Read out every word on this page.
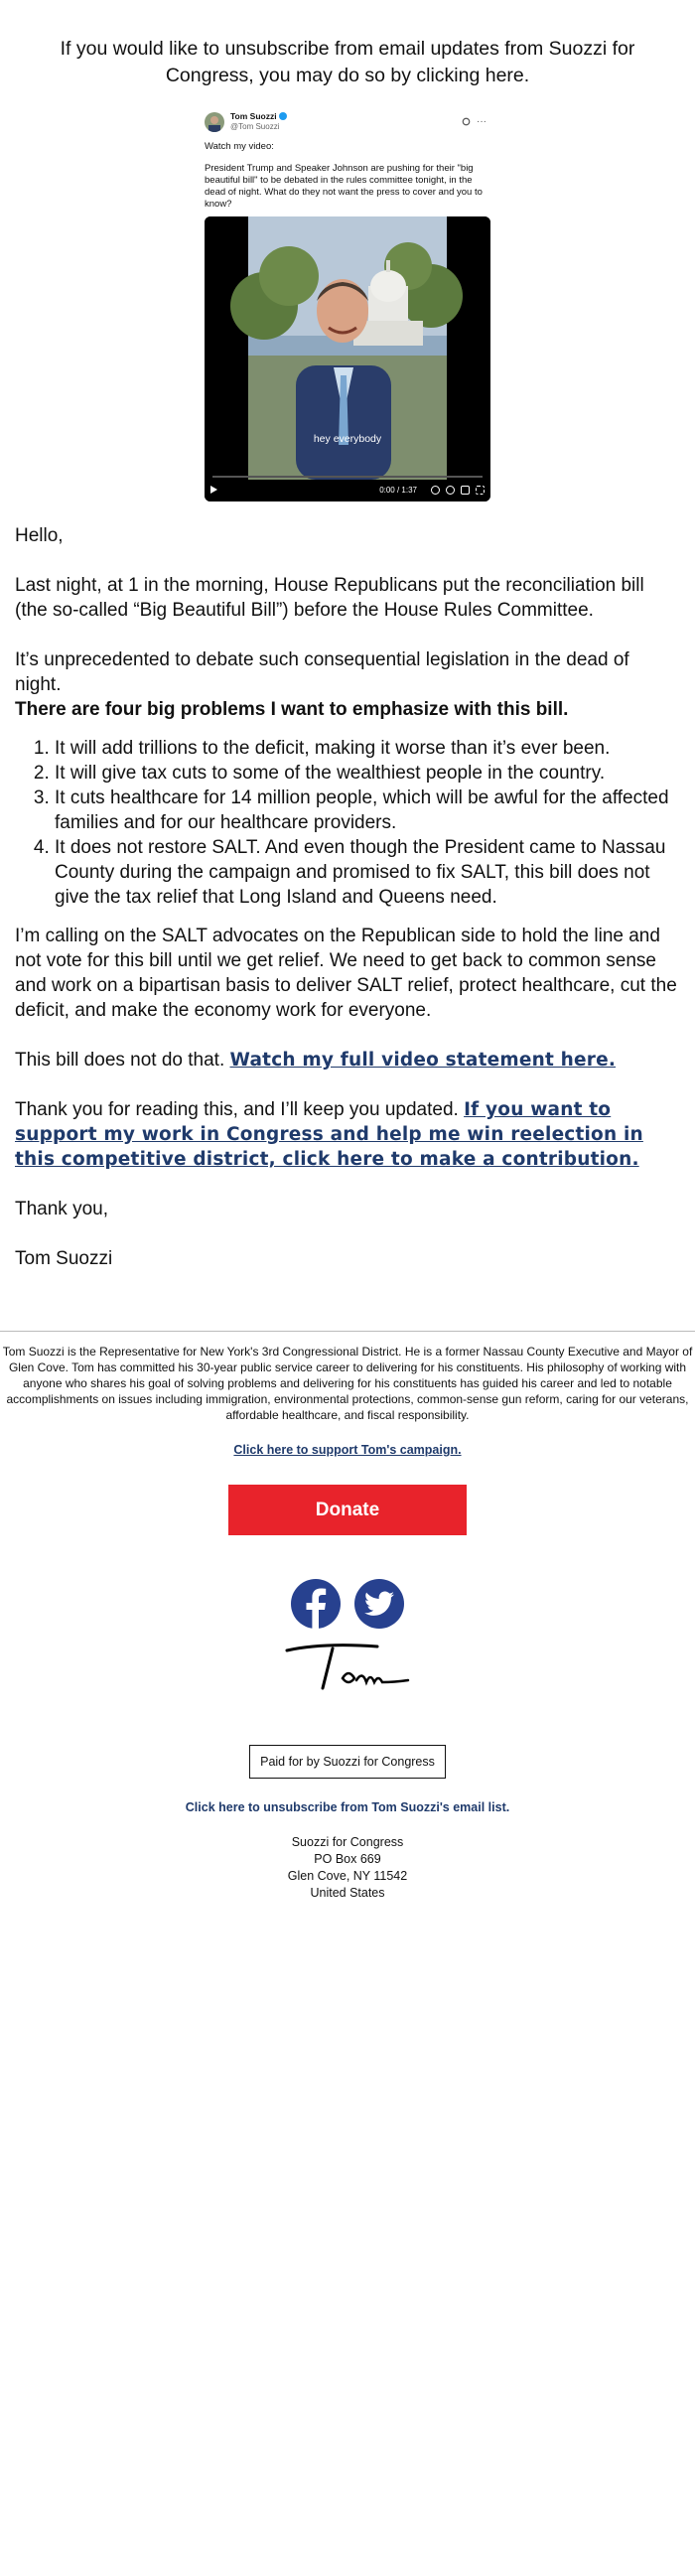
If you would like to unsubscribe from email updates from Suozzi for Congress, you may do so by clicking here.
Tom Suozzi
@Tom Suozzi	···
Watch my video:
President Trump and Speaker Johnson are pushing for their "big beautiful bill" to be debated in the rules committee tonight, in the dead of night. What do they not want the press to cover and you to know?
hey everybody
0:00 / 1:37

Hello,

Last night, at 1 in the morning, House Republicans put the reconciliation bill (the so-called “Big Beautiful Bill”) before the House Rules Committee.

It’s unprecedented to debate such consequential legislation in the dead of night.
There are four big problems I want to emphasize with this bill.

1. It will add trillions to the deficit, making it worse than it’s ever been.
2. It will give tax cuts to some of the wealthiest people in the country.
3. It cuts healthcare for 14 million people, which will be awful for the affected families and for our healthcare providers.
4. It does not restore SALT. And even though the President came to Nassau County during the campaign and promised to fix SALT, this bill does not give the tax relief that Long Island and Queens need.

I’m calling on the SALT advocates on the Republican side to hold the line and not vote for this bill until we get relief. We need to get back to common sense and work on a bipartisan basis to deliver SALT relief, protect healthcare, cut the deficit, and make the economy work for everyone.

This bill does not do that. Watch my full video statement here.

Thank you for reading this, and I’ll keep you updated. If you want to support my work in Congress and help me win reelection in this competitive district, click here to make a contribution.

Thank you,

Tom Suozzi

Tom Suozzi is the Representative for New York's 3rd Congressional District. He is a former Nassau County Executive and Mayor of Glen Cove. Tom has committed his 30-year public service career to delivering for his constituents. His philosophy of working with anyone who shares his goal of solving problems and delivering for his constituents has guided his career and led to notable accomplishments on issues including immigration, environmental protections, common-sense gun reform, caring for our veterans, affordable healthcare, and fiscal responsibility.
Click here to support Tom's campaign.
Donate
Paid for by Suozzi for Congress
Click here to unsubscribe from Tom Suozzi's email list.
Suozzi for Congress
PO Box 669
Glen Cove, NY 11542
United States
